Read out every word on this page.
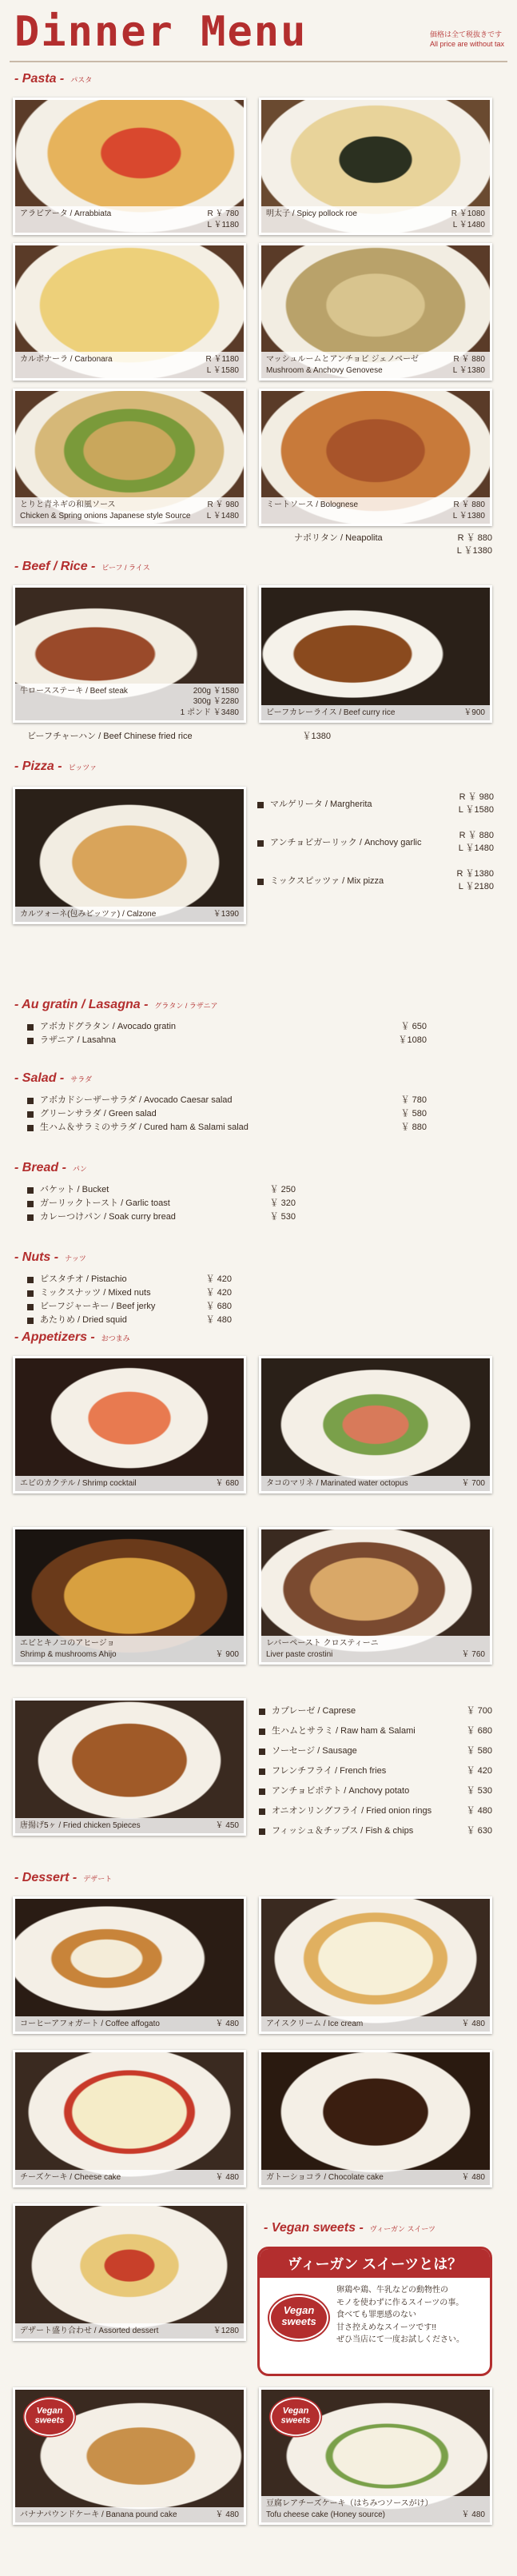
Dinner Menu	価格は全て税抜きです
All price are without tax
- Pasta - パスタ
アラビアータ / Arrabbiata
	R ￥ 780
L ￥1180
明太子 / Spicy pollock roe
	R ￥1080
L ￥1480
カルボナーラ / Carbonara
	R ￥1180
L ￥1580
マッシュルームとアンチョビ ジェノベーゼ
Mushroom & Anchovy Genovese
R ￥ 880
L ￥1380
とりと青ネギの和風ソース
Chicken & Spring onions Japanese style Source
R ￥ 980
L ￥1480
ミートソース / Bolognese
	R ￥ 880
L ￥1380
ナポリタン / Neapolita	R ￥ 880
L ￥1380
- Beef / Rice - ビーフ / ライス
牛ロースステーキ / Beef steak

	200g ￥1580
300g ￥2280
1 ポンド ￥3480	ビーフカレーライス / Beef curry rice	￥900
ビーフチャーハン / Beef Chinese fried rice	￥1380
- Pizza - ピッツァ
カルツォーネ(包みピッツァ) / Calzone	￥1390
マルゲリータ / Margherita
R ￥ 980
L ￥1580
アンチョビガーリック / Anchovy garlic
R ￥ 880
L ￥1480
ミックスピッツァ / Mix pizza
R ￥1380
L ￥2180
- Au gratin / Lasagna - グラタン / ラザニア
アボカドグラタン / Avocado gratin	￥ 650
ラザニア / Lasahna	￥1080
- Salad - サラダ
アボカドシーザーサラダ / Avocado Caesar salad	￥ 780
グリーンサラダ / Green salad	￥ 580
生ハム＆サラミのサラダ / Cured ham & Salami salad	￥ 880
- Bread - パン
バケット / Bucket	￥ 250
ガーリックトースト / Garlic toast	￥ 320
カレーつけパン / Soak curry bread	￥ 530
- Nuts - ナッツ
ピスタチオ / Pistachio	￥ 420
ミックスナッツ / Mixed nuts	￥ 420
ビーフジャーキー / Beef jerky	￥ 680
あたりめ / Dried squid	￥ 480
- Appetizers - おつまみ
エビのカクテル / Shrimp cocktail	￥ 680	タコのマリネ / Marinated water octopus	￥ 700
エビとキノコのアヒージョ
Shrimp & mushrooms Ahijo	￥ 900
レバーペースト クロスティーニ
Liver paste crostini	￥ 760
唐揚げ5ヶ / Fried chicken 5pieces	￥ 450
カプレーゼ / Caprese	￥ 700
生ハムとサラミ / Raw ham & Salami	￥ 680
ソーセージ / Sausage	￥ 580
フレンチフライ / French fries	￥ 420
アンチョビポテト / Anchovy potato	￥ 530
オニオンリングフライ / Fried onion rings	￥ 480
フィッシュ＆チップス / Fish & chips	￥ 630
- Dessert - デザート
コーヒーアフォガート / Coffee affogato	￥ 480	アイスクリーム / Ice cream	￥ 480
チーズケーキ / Cheese cake	￥ 480	ガトーショコラ / Chocolate cake	￥ 480
デザート盛り合わせ / Assorted dessert	￥1280
- Vegan sweets - ヴィーガン スイーツ
ヴィーガン スイーツとは？
Vegan sweets
卵鶏や鶏、牛乳などの動物性の
モノを使わずに作るスイーツの事。
食べても罪悪感のない
甘さ控えめなスイーツです!!
ぜひ当店にて一度お試しください。
Vegan sweets
バナナパウンドケーキ / Banana pound cake	￥ 480
Vegan sweets
豆腐レアチーズケーキ（はちみつソースがけ）
Tofu cheese cake (Honey source)	￥ 480
